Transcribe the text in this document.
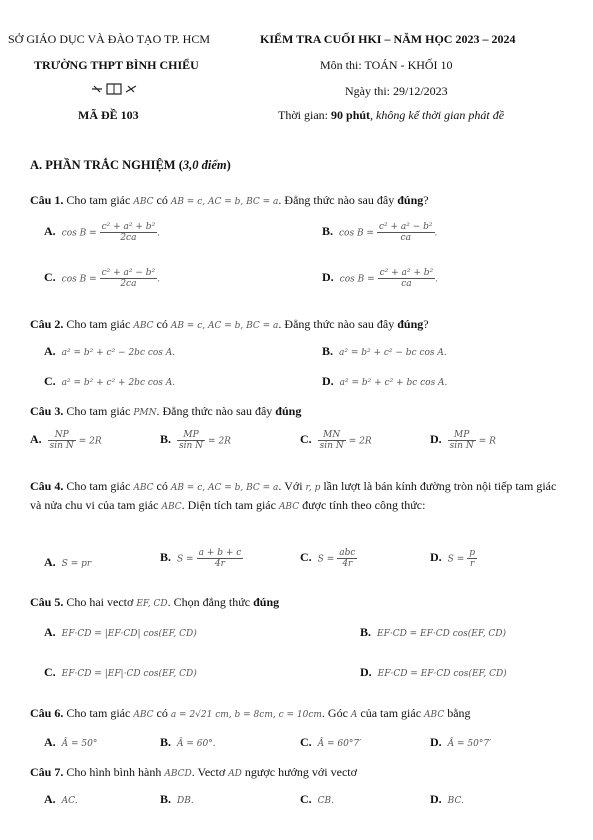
SỞ GIÁO DỤC VÀ ĐÀO TẠO TP. HCM
TRƯỜNG THPT BÌNH CHIỂU
MÃ ĐỀ 103
KIỂM TRA CUỐI HKI – NĂM HỌC 2023 – 2024
Môn thi: TOÁN - KHỐI 10
Ngày thi: 29/12/2023
Thời gian: 90 phút, không kể thời gian phát đề
A. PHẦN TRẮC NGHIỆM (3,0 điểm)
Câu 1. Cho tam giác ABC có AB = c, AC = b, BC = a. Đẳng thức nào sau đây đúng?
A. $\cos B = \frac{\text{c² + a² + b²}}{2ca}$ .	B. $\cos B = \frac{\text{c² + a² − b²}}{ca}$ .
C. $\cos B = \frac{\text{c² + a² − b²}}{2ca}$ .	D. $\cos B = \frac{\text{c² + a² + b²}}{ca}$ .
Câu 2. Cho tam giác ABC có AB = c, AC = b, BC = a. Đẳng thức nào sau đây đúng?
A. a² = b² + c² − 2bc cos A.	B. a² = b² + c² − bc cos A.
C. a² = b² + c² + 2bc cos A.	D. a² = b² + c² + bc cos A.
Câu 3. Cho tam giác PMN. Đẳng thức nào sau đây đúng
A. $\frac{NP}{\text{sin N}} = 2R$	B. $\frac{MP}{\text{sin N}} = 2R$	C. $\frac{MN}{\text{sin N}} = 2R$	D. $\frac{MP}{\text{sin N}} = R$
Câu 4. Cho tam giác ABC có AB = c, AC = b, BC = a. Với r, p lần lượt là bán kính đường tròn nội tiếp tam giác và nửa chu vi của tam giác ABC. Diện tích tam giác ABC được tính theo công thức:
A. S = pr	B. $S = \frac{a + b + c}{4r}$	C. $S = \frac{\text{abc}}{4r}$	D. $S = \frac{p}{r}$
Câu 5. Cho hai vectơ EF, CD. Chọn đẳng thức đúng
A. EF·CD = |EF·CD| cos(EF, CD)	B. EF·CD = EF·CD cos(EF, CD)
C. EF·CD = |EF|·CD cos(EF, CD)	D. EF·CD = EF·CD cos(EF, CD)
Câu 6. Cho tam giác ABC có a = 2√21 cm, b = 8cm, c = 10cm. Góc A của tam giác ABC bằng
A. Â = 50°	B. Â = 60°.	C. Â = 60°7′	D. Â = 50°7′
Câu 7. Cho hình bình hành ABCD. Vectơ AD ngược hướng với vectơ
A. AC.	B. DB.	C. CB.	D. BC.
